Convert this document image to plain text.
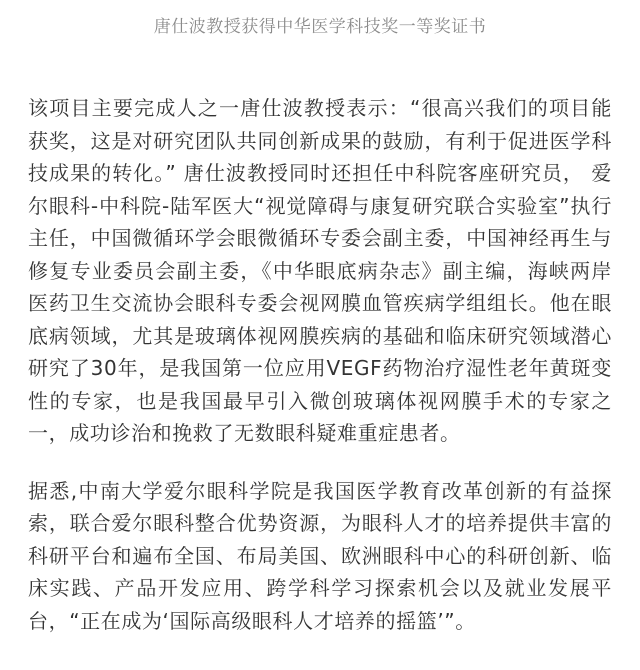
唐仕波教授获得中华医学科技奖一等奖证书

该项目主要完成人之一唐仕波教授表示：“很高兴我们的项目能获奖，这是对研究团队共同创新成果的鼓励，有利于促进医学科技成果的转化。” 唐仕波教授同时还担任中科院客座研究员， 爱尔眼科-中科院-陆军医大“视觉障碍与康复研究联合实验室”执行主任，中国微循环学会眼微循环专委会副主委，中国神经再生与修复专业委员会副主委，《中华眼底病杂志》副主编，海峡两岸医药卫生交流协会眼科专委会视网膜血管疾病学组组长。他在眼底病领域，尤其是玻璃体视网膜疾病的基础和临床研究领域潜心研究了30年，是我国第一位应用VEGF药物治疗湿性老年黄斑变性的专家，也是我国最早引入微创玻璃体视网膜手术的专家之一，成功诊治和挽救了无数眼科疑难重症患者。

据悉,中南大学爱尔眼科学院是我国医学教育改革创新的有益探索，联合爱尔眼科整合优势资源，为眼科人才的培养提供丰富的科研平台和遍布全国、布局美国、欧洲眼科中心的科研创新、临床实践、产品开发应用、跨学科学习探索机会以及就业发展平台，“正在成为‘国际高级眼科人才培养的摇篮’”。
